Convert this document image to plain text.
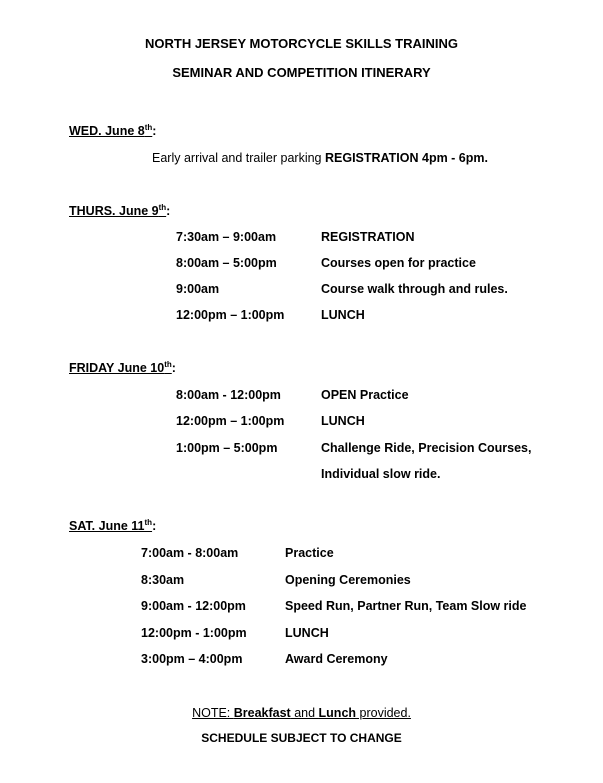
NORTH JERSEY MOTORCYCLE SKILLS TRAINING
SEMINAR AND COMPETITION ITINERARY
WED. June 8th:
Early arrival and trailer parking REGISTRATION 4pm - 6pm.
THURS. June 9th:
7:30am – 9:00am	REGISTRATION
8:00am – 5:00pm	Courses open for practice
9:00am	Course walk through and rules.
12:00pm – 1:00pm	LUNCH
FRIDAY June 10th:
8:00am - 12:00pm	OPEN Practice
12:00pm – 1:00pm	LUNCH
1:00pm – 5:00pm	Challenge Ride, Precision Courses,
Individual slow ride.
SAT. June 11th:
7:00am - 8:00am	Practice
8:30am	Opening Ceremonies
9:00am - 12:00pm	Speed Run, Partner Run, Team Slow ride
12:00pm - 1:00pm	LUNCH
3:00pm – 4:00pm	Award Ceremony
NOTE: Breakfast and Lunch provided.
SCHEDULE SUBJECT TO CHANGE
